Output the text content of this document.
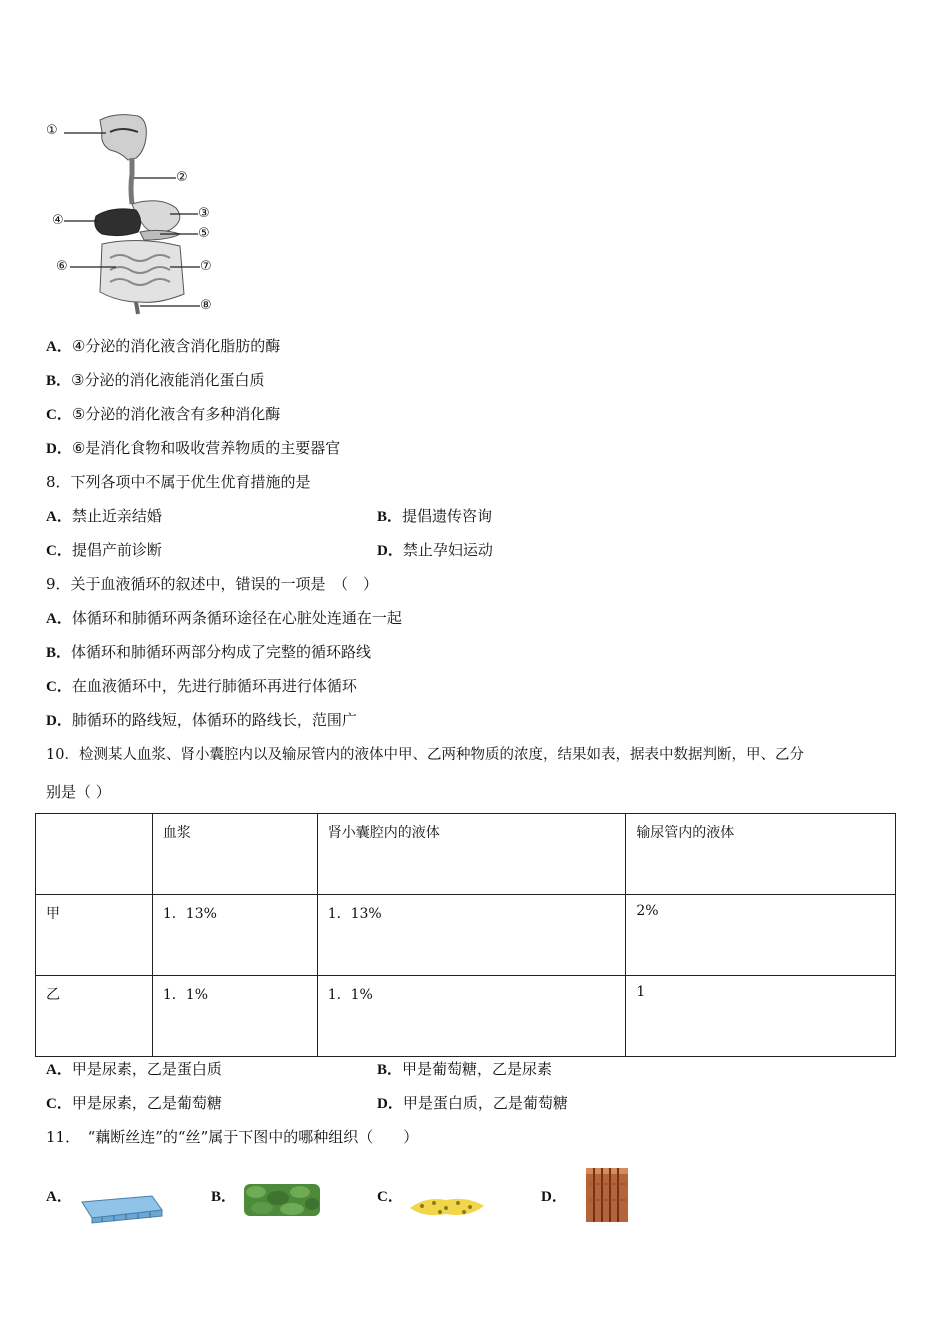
①
②
③
④
⑤
⑥	⑦
⑧
A．④分泌的消化液含消化脂肪的酶
B．③分泌的消化液能消化蛋白质
C．⑤分泌的消化液含有多种消化酶
D．⑥是消化食物和吸收营养物质的主要器官
8．下列各项中不属于优生优育措施的是
A．禁止近亲结婚	B．提倡遗传咨询
C．提倡产前诊断	D．禁止孕妇运动
9．关于血液循环的叙述中，错误的一项是　（　）
A．体循环和肺循环两条循环途径在心脏处连通在一起
B．体循环和肺循环两部分构成了完整的循环路线
C．在血液循环中，先进行肺循环再进行体循环
D．肺循环的路线短，体循环的路线长，范围广
10．检测某人血浆、肾小囊腔内以及输尿管内的液体中甲、乙两种物质的浓度，结果如表，据表中数据判断，甲、乙分
别是（ ）
	血浆	肾小囊腔内的液体	输尿管内的液体
甲	1．13%	1．13%	2%
乙	1．1%	1．1%	1
A．甲是尿素，乙是蛋白质	B．甲是葡萄糖，乙是尿素
C．甲是尿素，乙是葡萄糖	D．甲是蛋白质，乙是葡萄糖
11．　“藕断丝连”的“丝”属于下图中的哪种组织（　　）
A．	B．	C．	D．
